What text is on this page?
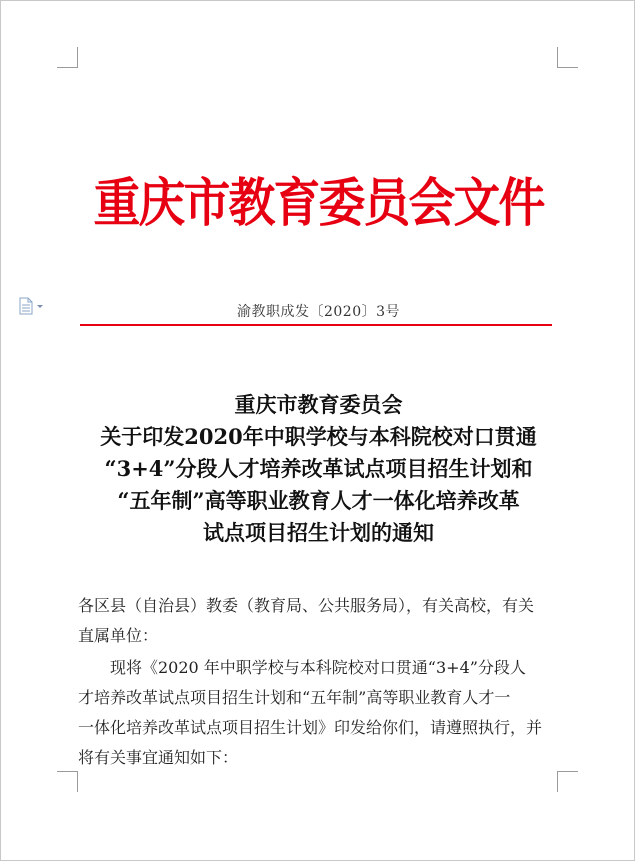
重庆市教育委员会文件
渝教职成发〔2020〕3号
重庆市教育委员会
关于印发2020年中职学校与本科院校对口贯通
“3+4”分段人才培养改革试点项目招生计划和
“五年制”高等职业教育人才一体化培养改革
试点项目招生计划的通知
各区县（自治县）教委（教育局、公共服务局），有关高校，有关
直属单位：
现将《2020 年中职学校与本科院校对口贯通“3+4”分段人
才培养改革试点项目招生计划和“五年制”高等职业教育人才一
一体化培养改革试点项目招生计划》印发给你们，请遵照执行，并
将有关事宜通知如下：
